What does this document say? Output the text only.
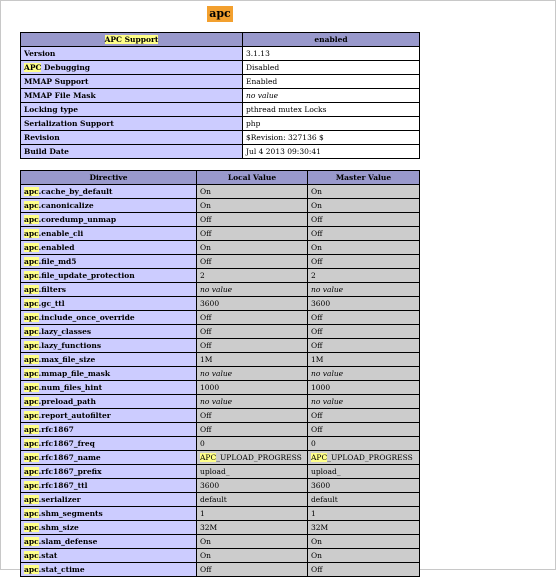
apc
APC Support	enabled
Version	3.1.13
APC Debugging	Disabled
MMAP Support	Enabled
MMAP File Mask	no value
Locking type	pthread mutex Locks
Serialization Support	php
Revision	$Revision: 327136 $
Build Date	Jul 4 2013 09:30:41
Directive	Local Value	Master Value
apc.cache_by_default	On	On
apc.canonicalize	On	On
apc.coredump_unmap	Off	Off
apc.enable_cli	Off	Off
apc.enabled	On	On
apc.file_md5	Off	Off
apc.file_update_protection	2	2
apc.filters	no value	no value
apc.gc_ttl	3600	3600
apc.include_once_override	Off	Off
apc.lazy_classes	Off	Off
apc.lazy_functions	Off	Off
apc.max_file_size	1M	1M
apc.mmap_file_mask	no value	no value
apc.num_files_hint	1000	1000
apc.preload_path	no value	no value
apc.report_autofilter	Off	Off
apc.rfc1867	Off	Off
apc.rfc1867_freq	0	0
apc.rfc1867_name	APC_UPLOAD_PROGRESS	APC_UPLOAD_PROGRESS
apc.rfc1867_prefix	upload_	upload_
apc.rfc1867_ttl	3600	3600
apc.serializer	default	default
apc.shm_segments	1	1
apc.shm_size	32M	32M
apc.slam_defense	On	On
apc.stat	On	On
apc.stat_ctime	Off	Off
